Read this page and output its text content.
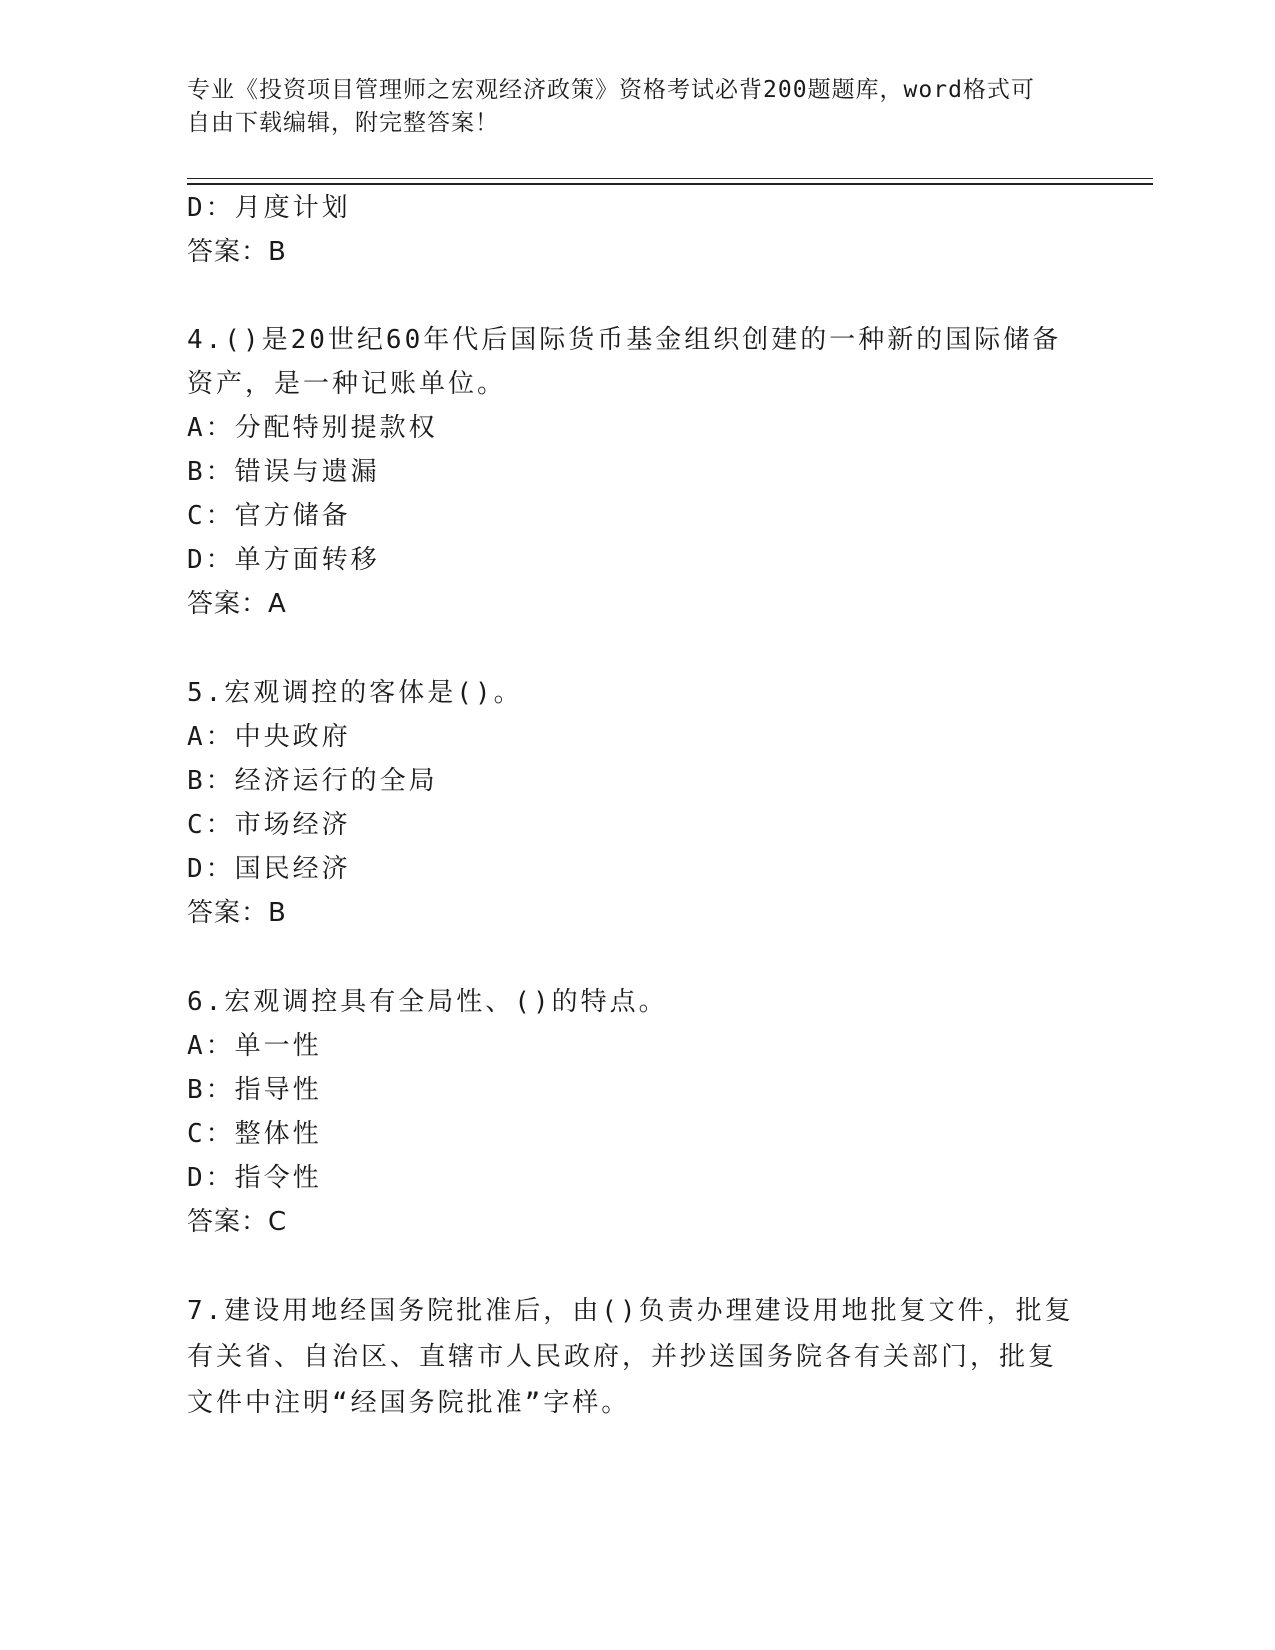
专业《投资项目管理师之宏观经济政策》资格考试必背200题题库，word格式可
自由下载编辑，附完整答案！
D：月度计划
答案：B
4.()是20世纪60年代后国际货币基金组织创建的一种新的国际储备
资产，是一种记账单位。
A：分配特别提款权
B：错误与遗漏
C：官方储备
D：单方面转移
答案：A
5.宏观调控的客体是()。
A：中央政府
B：经济运行的全局
C：市场经济
D：国民经济
答案：B
6.宏观调控具有全局性、()的特点。
A：单一性
B：指导性
C：整体性
D：指令性
答案：C
7.建设用地经国务院批准后，由()负责办理建设用地批复文件，批复
有关省、自治区、直辖市人民政府，并抄送国务院各有关部门，批复
文件中注明“经国务院批准”字样。
